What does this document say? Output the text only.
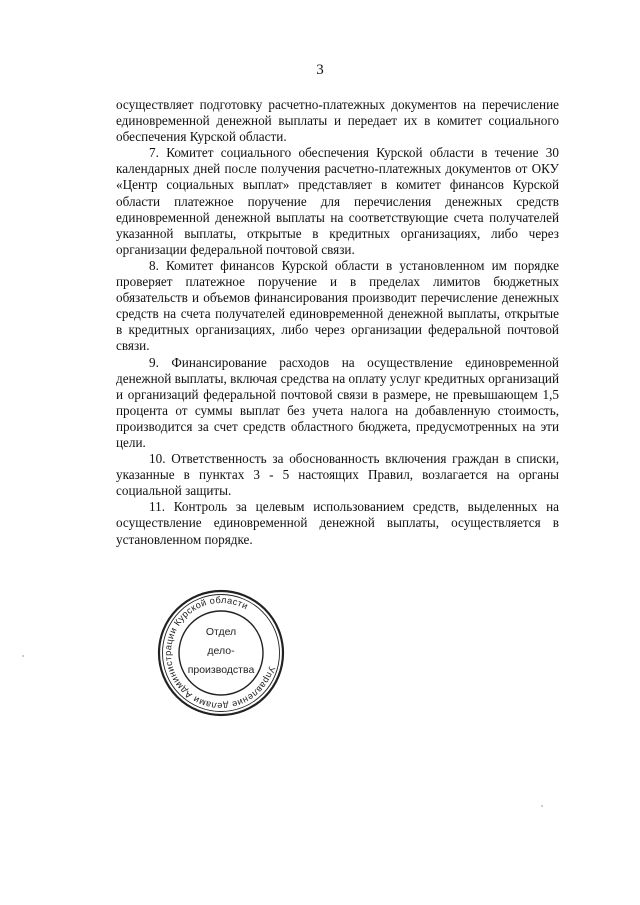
3

осуществляет подготовку расчетно-платежных документов на перечисление единовременной денежной выплаты и передает их в комитет социального обеспечения Курской области.

7. Комитет социального обеспечения Курской области в течение 30 календарных дней после получения расчетно-платежных документов от ОКУ «Центр социальных выплат» представляет в комитет финансов Курской области платежное поручение для перечисления денежных средств единовременной денежной выплаты на соответствующие счета получателей указанной выплаты, открытые в кредитных организациях, либо через организации федеральной почтовой связи.

8. Комитет финансов Курской области в установленном им порядке проверяет платежное поручение и в пределах лимитов бюджетных обязательств и объемов финансирования производит перечисление денежных средств на счета получателей единовременной денежной выплаты, открытые в кредитных организациях, либо через организации федеральной почтовой связи.

9. Финансирование расходов на осуществление единовременной денежной выплаты, включая средства на оплату услуг кредитных организаций и организаций федеральной почтовой связи в размере, не превышающем 1,5 процента от суммы выплат без учета налога на добавленную стоимость, производится за счет средств областного бюджета, предусмотренных на эти цели.

10. Ответственность за обоснованность включения граждан в списки, указанные в пунктах 3 - 5 настоящих Правил, возлагается на органы социальной защиты.

11. Контроль за целевым использованием средств, выделенных на осуществление единовременной денежной выплаты, осуществляется в установленном порядке.

Управление делами Администрации Курской области
Отдел
дело-
производства
